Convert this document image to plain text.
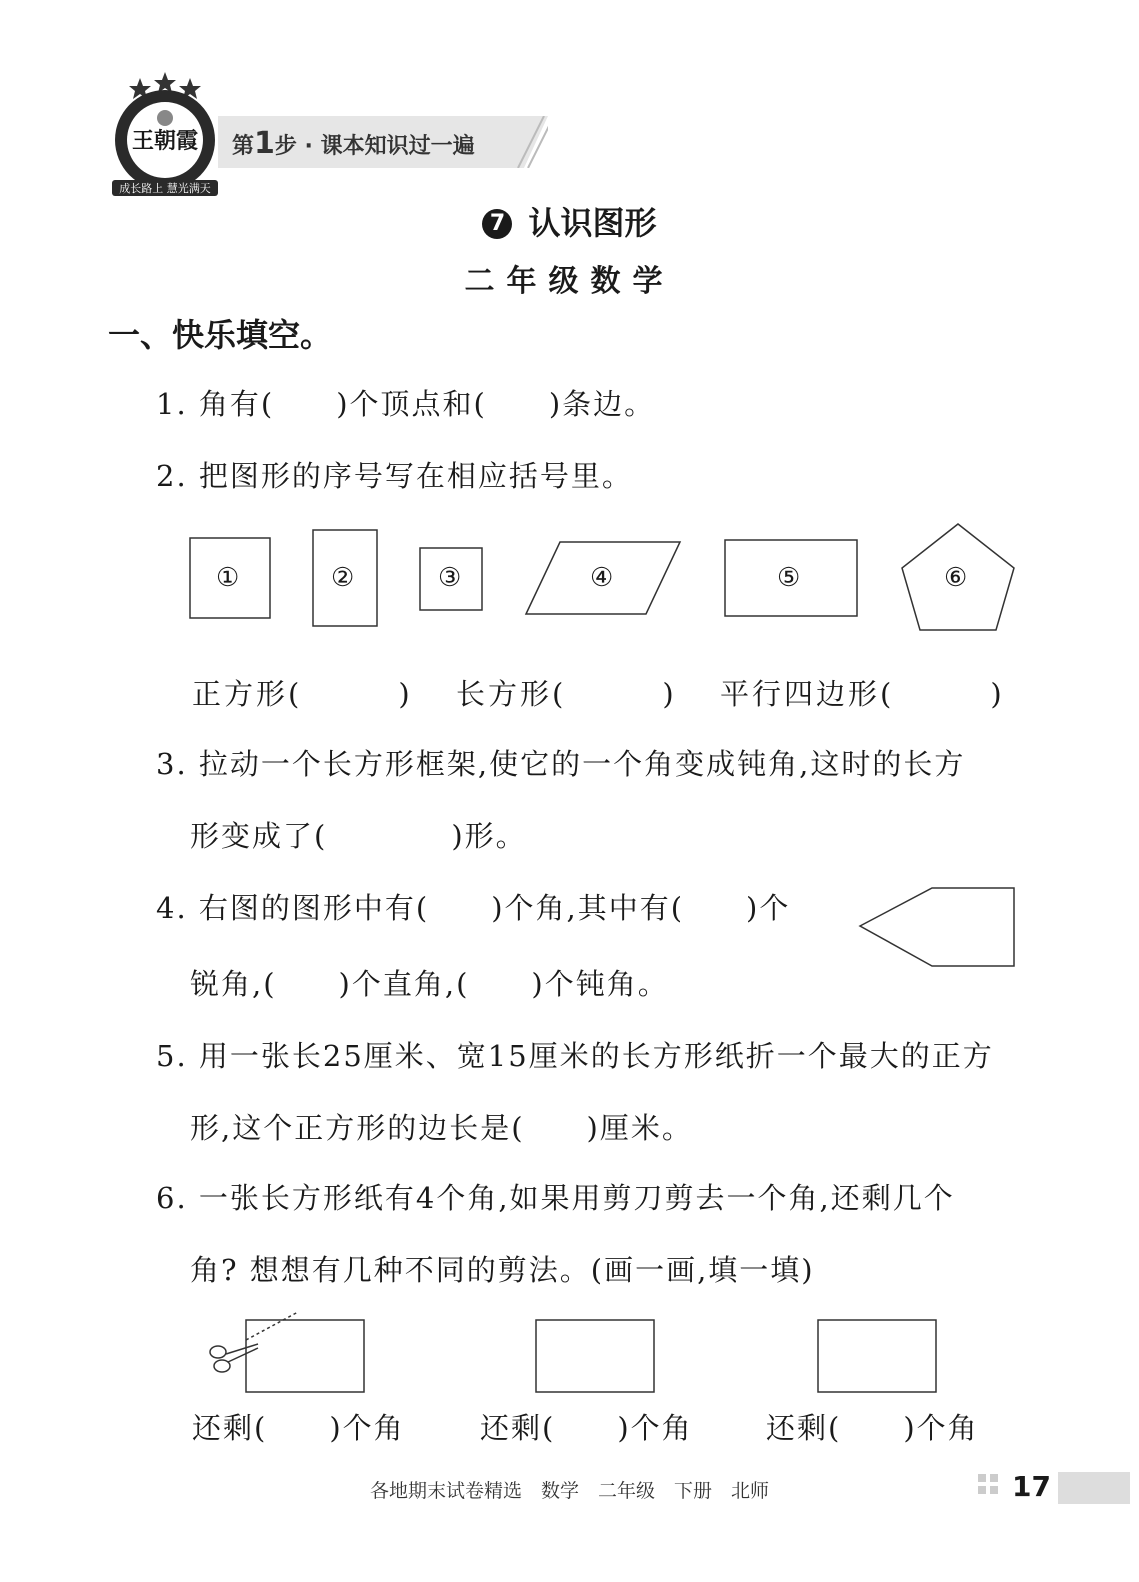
王朝霞
成长路上 慧光满天
第1步 · 课本知识过一遍
7 认识图形
二年级数学
一、快乐填空。
1. 角有(　　)个顶点和(　　)条边。
2. 把图形的序号写在相应括号里。
①	②	③	④	⑤	⑥
正方形(　　　) 长方形(　　　) 平行四边形(　　　)
3. 拉动一个长方形框架,使它的一个角变成钝角,这时的长方
形变成了(　　　　)形。
4. 右图的图形中有(　　)个角,其中有(　　)个
锐角,(　　)个直角,(　　)个钝角。
5. 用一张长25厘米、宽15厘米的长方形纸折一个最大的正方
形,这个正方形的边长是(　　)厘米。
6. 一张长方形纸有4个角,如果用剪刀剪去一个角,还剩几个
角? 想想有几种不同的剪法。(画一画,填一填)
还剩(　　)个角	还剩(　　)个角	还剩(　　)个角
各地期末试卷精选　数学　二年级　下册　北师	17
